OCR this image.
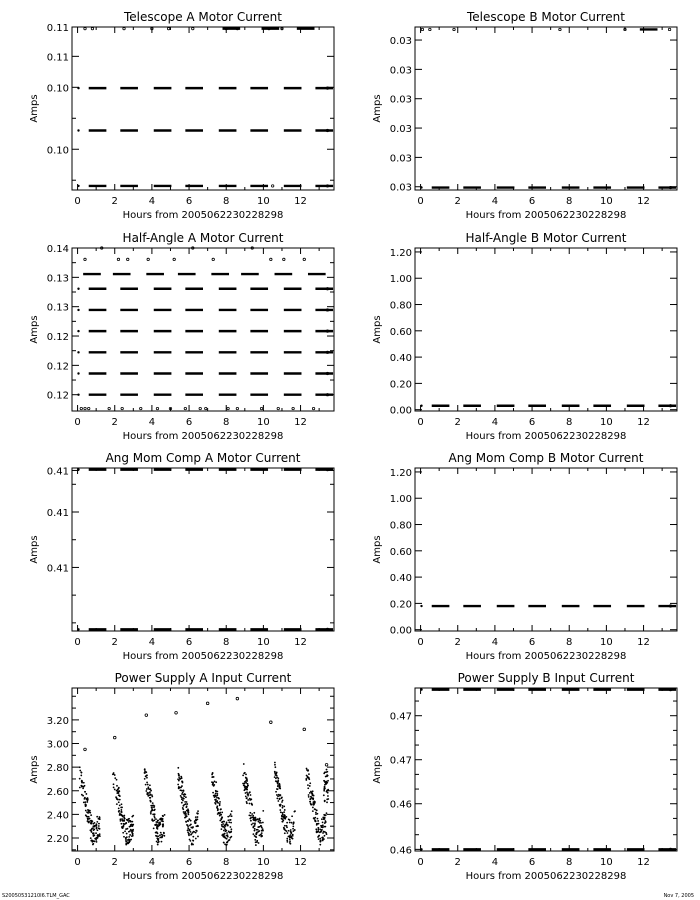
Telescope A Motor Current
Hours from 2005062230228298
Amps
0	2	4	6	8	10 12
0.10
0.10
0.11
0.11
Telescope B Motor Current
Hours from 2005062230228298
Amps
0	2	4	6	8	10 12
0.03
0.03
0.03
0.03
0.03
0.03
Half-Angle A Motor Current
Hours from 2005062230228298
Amps
0	2	4	6	8	10 12
0.12
0.12
0.12
0.13
0.13
0.14
Half-Angle B Motor Current
Hours from 2005062230228298
Amps
0	2	4	6	8	10 12
0.00
0.20
0.40
0.60
0.80
1.00
1.20
Ang Mom Comp A Motor Current
Hours from 2005062230228298
Amps
0	2	4	6	8	10 12
0.41
0.41
0.41
Ang Mom Comp B Motor Current
Hours from 2005062230228298
Amps
0	2	4	6	8	10 12
0.00
0.20
0.40
0.60
0.80
1.00
1.20
Power Supply A Input Current
Hours from 2005062230228298
Amps
0	2	4	6	8	10 12
2.20
2.40
2.60
2.80
3.00
3.20
Power Supply B Input Current
Hours from 2005062230228298
Amps
0	2	4	6	8	10 12
0.46
0.46
0.47
0.47
S20050531210I6.TLM_GAC	Nov 7, 2005
